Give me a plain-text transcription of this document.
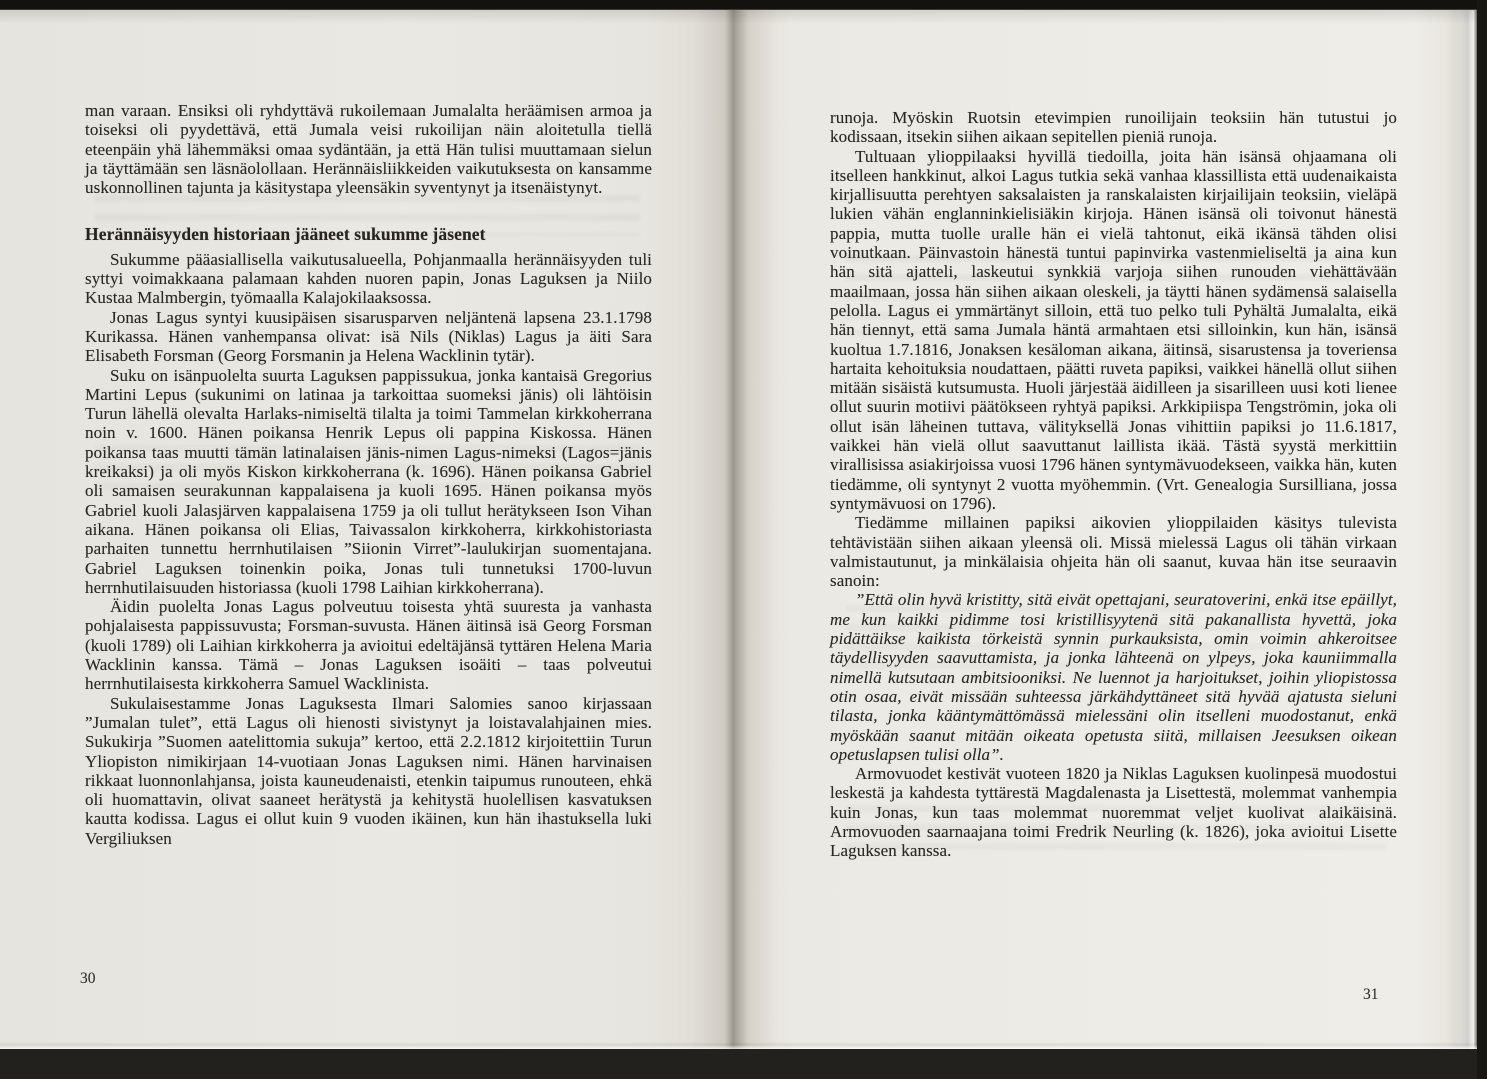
man varaan. Ensiksi oli ryhdyttävä rukoilemaan Jumalalta heräämisen armoa ja toiseksi oli pyydettävä, että Jumala veisi rukoilijan näin aloitetulla tiellä eteenpäin yhä lähemmäksi omaa sydäntään, ja että Hän tulisi muuttamaan sielun ja täyttämään sen läsnäolollaan. Herännäisliikkeiden vaikutuksesta on kansamme uskonnollinen tajunta ja käsitystapa yleensäkin syventynyt ja itsenäistynyt.

Herännäisyyden historiaan jääneet sukumme jäsenet

Sukumme pääasiallisella vaikutusalueella, Pohjanmaalla herännäisyyden tuli syttyi voimakkaana palamaan kahden nuoren papin, Jonas Laguksen ja Niilo Kustaa Malmbergin, työmaalla Kalajokilaaksossa.

Jonas Lagus syntyi kuusipäisen sisarusparven neljäntenä lapsena 23.1.1798 Kurikassa. Hänen vanhempansa olivat: isä Nils (Niklas) Lagus ja äiti Sara Elisabeth Forsman (Georg Forsmanin ja Helena Wacklinin tytär).

Suku on isänpuolelta suurta Laguksen pappissukua, jonka kantaisä Gregorius Martini Lepus (sukunimi on latinaa ja tarkoittaa suomeksi jänis) oli lähtöisin Turun lähellä olevalta Harlaks-nimiseltä tilalta ja toimi Tammelan kirkkoherrana noin v. 1600. Hänen poikansa Henrik Lepus oli pappina Kiskossa. Hänen poikansa taas muutti tämän latinalaisen jänis-nimen Lagus-nimeksi (Lagos=jänis kreikaksi) ja oli myös Kiskon kirkkoherrana (k. 1696). Hänen poikansa Gabriel oli samaisen seurakunnan kappalaisena ja kuoli 1695. Hänen poikansa myös Gabriel kuoli Jalasjärven kappalaisena 1759 ja oli tullut herätykseen Ison Vihan aikana. Hänen poikansa oli Elias, Taivassalon kirkkoherra, kirkkohistoriasta parhaiten tunnettu herrnhutilaisen ”Siionin Virret”-laulukirjan suomentajana. Gabriel Laguksen toinenkin poika, Jonas tuli tunnetuksi 1700-luvun herrnhutilaisuuden historiassa (kuoli 1798 Laihian kirkkoherrana).

Äidin puolelta Jonas Lagus polveutuu toisesta yhtä suuresta ja vanhasta pohjalaisesta pappissuvusta; Forsman-suvusta. Hänen äitinsä isä Georg Forsman (kuoli 1789) oli Laihian kirkkoherra ja avioitui edeltäjänsä tyttären Helena Maria Wacklinin kanssa. Tämä – Jonas Laguksen isoäiti – taas polveutui herrnhutilaisesta kirkkoherra Samuel Wacklinista.

Sukulaisestamme Jonas Laguksesta Ilmari Salomies sanoo kirjassaan ”Jumalan tulet”, että Lagus oli hienosti sivistynyt ja loistavalahjainen mies. Sukukirja ”Suomen aatelittomia sukuja” kertoo, että 2.2.1812 kirjoitettiin Turun Yliopiston nimikirjaan 14-vuotiaan Jonas Laguksen nimi. Hänen harvinaisen rikkaat luonnonlahjansa, joista kauneudenaisti, etenkin taipumus runouteen, ehkä oli huomattavin, olivat saaneet herätystä ja kehitystä huolellisen kasvatuksen kautta kodissa. Lagus ei ollut kuin 9 vuoden ikäinen, kun hän ihastuksella luki Vergiliuksen

runoja. Myöskin Ruotsin etevimpien runoilijain teoksiin hän tutustui jo kodissaan, itsekin siihen aikaan sepitellen pieniä runoja.

Tultuaan ylioppilaaksi hyvillä tiedoilla, joita hän isänsä ohjaamana oli itselleen hankkinut, alkoi Lagus tutkia sekä vanhaa klassillista että uudenaikaista kirjallisuutta perehtyen saksalaisten ja ranskalaisten kirjailijain teoksiin, vieläpä lukien vähän englanninkielisiäkin kirjoja. Hänen isänsä oli toivonut hänestä pappia, mutta tuolle uralle hän ei vielä tahtonut, eikä ikänsä tähden olisi voinutkaan. Päinvastoin hänestä tuntui papinvirka vastenmieliseltä ja aina kun hän sitä ajatteli, laskeutui synkkiä varjoja siihen runouden viehättävään maailmaan, jossa hän siihen aikaan oleskeli, ja täytti hänen sydämensä salaisella pelolla. Lagus ei ymmärtänyt silloin, että tuo pelko tuli Pyhältä Jumalalta, eikä hän tiennyt, että sama Jumala häntä armahtaen etsi silloinkin, kun hän, isänsä kuoltua 1.7.1816, Jonaksen kesäloman aikana, äitinsä, sisarustensa ja toveriensa hartaita kehoituksia noudattaen, päätti ruveta papiksi, vaikkei hänellä ollut siihen mitään sisäistä kutsumusta. Huoli järjestää äidilleen ja sisarilleen uusi koti lienee ollut suurin motiivi päätökseen ryhtyä papiksi. Arkkipiispa Tengströmin, joka oli ollut isän läheinen tuttava, välityksellä Jonas vihittiin papiksi jo 11.6.1817, vaikkei hän vielä ollut saavuttanut laillista ikää. Tästä syystä merkittiin virallisissa asiakirjoissa vuosi 1796 hänen syntymävuodekseen, vaikka hän, kuten tiedämme, oli syntynyt 2 vuotta myöhemmin. (Vrt. Genealogia Sursilliana, jossa syntymävuosi on 1796).

Tiedämme millainen papiksi aikovien ylioppilaiden käsitys tulevista tehtävistään siihen aikaan yleensä oli. Missä mielessä Lagus oli tähän virkaan valmistautunut, ja minkälaisia ohjeita hän oli saanut, kuvaa hän itse seuraavin sanoin:

”Että olin hyvä kristitty, sitä eivät opettajani, seuratoverini, enkä itse epäillyt, me kun kaikki pidimme tosi kristillisyytenä sitä pakanallista hyvettä, joka pidättäikse kaikista törkeistä synnin purkauksista, omin voimin ahkeroitsee täydellisyyden saavuttamista, ja jonka lähteenä on ylpeys, joka kauniimmalla nimellä kutsutaan ambitsiooniksi. Ne luennot ja harjoitukset, joihin yliopistossa otin osaa, eivät missään suhteessa järkähdyttäneet sitä hyvää ajatusta sieluni tilasta, jonka kääntymättömässä mielessäni olin itselleni muodostanut, enkä myöskään saanut mitään oikeata opetusta siitä, millaisen Jeesuksen oikean opetuslapsen tulisi olla”.

Armovuodet kestivät vuoteen 1820 ja Niklas Laguksen kuolinpesä muodostui leskestä ja kahdesta tyttärestä Magdalenasta ja Lisettestä, molemmat vanhempia kuin Jonas, kun taas molemmat nuoremmat veljet kuolivat alaikäisinä. Armovuoden saarnaajana toimi Fredrik Neurling (k. 1826), joka avioitui Lisette Laguksen kanssa.

30
31
